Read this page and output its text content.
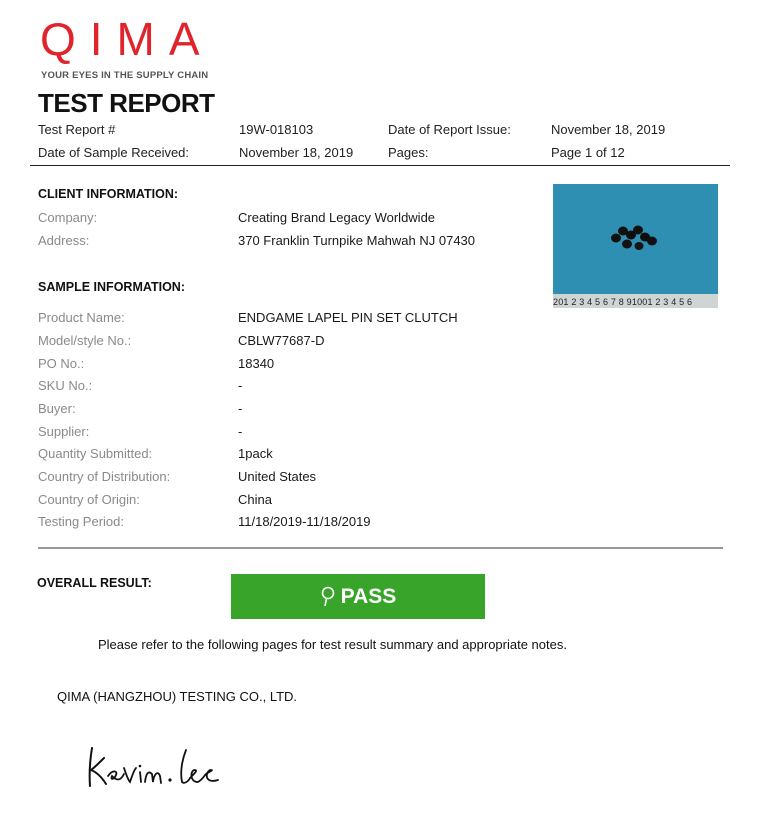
QIMA
YOUR EYES IN THE SUPPLY CHAIN
TEST REPORT
Test Report #	19W-018103	Date of Report Issue:	November 18, 2019
Date of Sample Received:	November 18, 2019	Pages:	Page 1 of 12
CLIENT INFORMATION:
Company:	Creating Brand Legacy Worldwide
Address:	370 Franklin Turnpike Mahwah NJ 07430
201 2 3 4 5 6 7 8 91001 2 3 4 5 6
SAMPLE INFORMATION:
Product Name:	ENDGAME LAPEL PIN SET CLUTCH
Model/style No.:	CBLW77687-D
PO No.:	18340
SKU No.:	-
Buyer:	-
Supplier:	-
Quantity Submitted:	1pack
Country of Distribution:	United States
Country of Origin:	China
Testing Period:	11/18/2019-11/18/2019
OVERALL RESULT:
PASS
Please refer to the following pages for test result summary and appropriate notes.
QIMA (HANGZHOU) TESTING CO., LTD.
